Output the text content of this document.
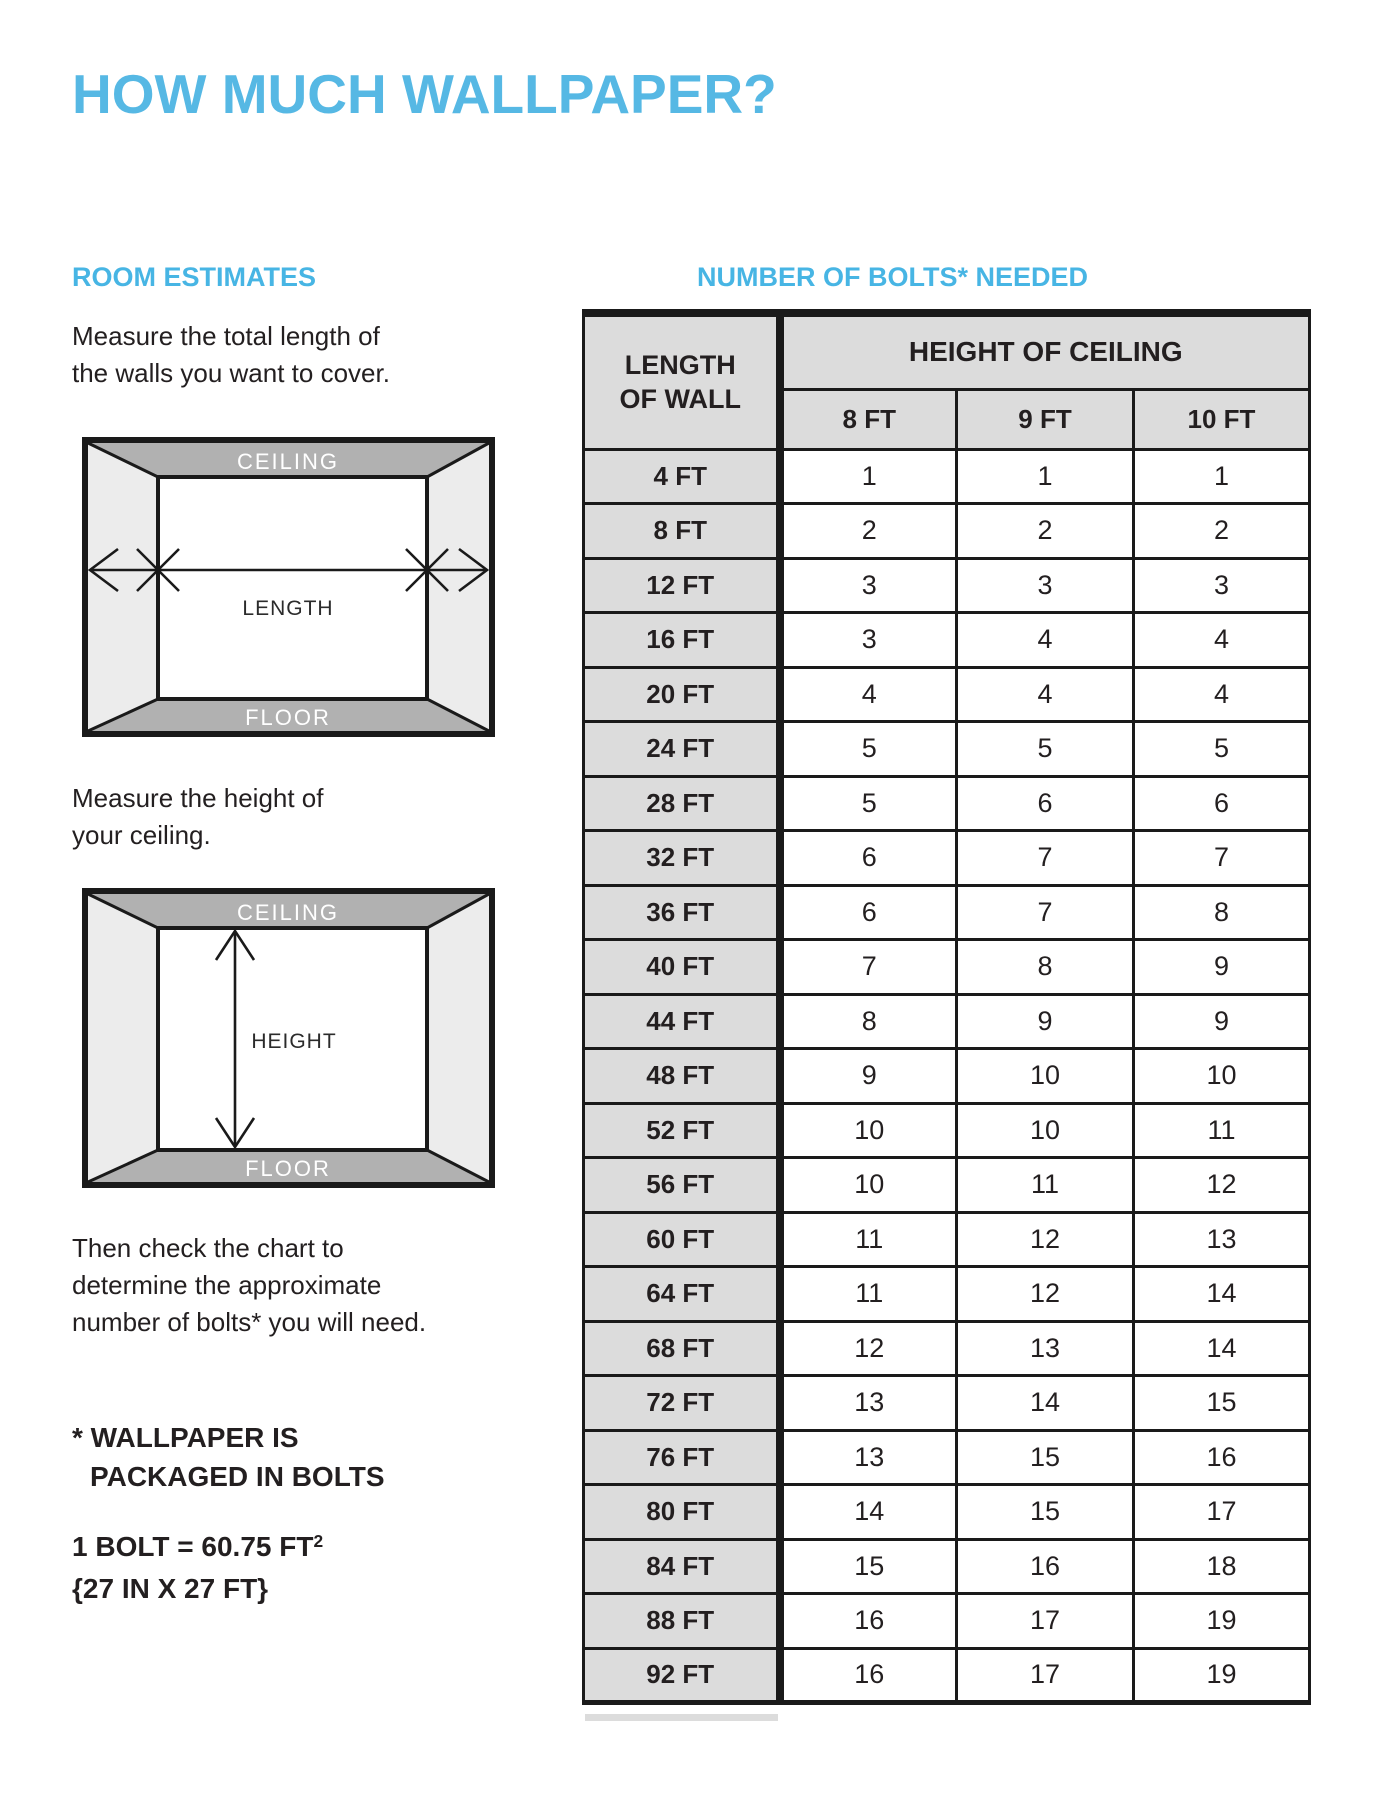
HOW MUCH WALLPAPER?
ROOM ESTIMATES	NUMBER OF BOLTS* NEEDED

Measure the total length of
the walls you want to cover.

CEILING
FLOOR
LENGTH

Measure the height of
your ceiling.

CEILING
FLOOR
HEIGHT

Then check the chart to
determine the approximate
number of bolts* you will need.

* WALLPAPER IS
PACKAGED IN BOLTS
1 BOLT = 60.75 $FT^2$
{27 IN X 27 FT}
LENGTH
OF WALL	HEIGHT OF CEILING		
	8 FT	9 FT	10 FT
4 FT	1	1	1
8 FT	2	2	2
12 FT	3	3	3
16 FT	3	4	4
20 FT	4	4	4
24 FT	5	5	5
28 FT	5	6	6
32 FT	6	7	7
36 FT	6	7	8
40 FT	7	8	9
44 FT	8	9	9
48 FT	9	10	10
52 FT	10	10	11
56 FT	10	11	12
60 FT	11	12	13
64 FT	11	12	14
68 FT	12	13	14
72 FT	13	14	15
76 FT	13	15	16
80 FT	14	15	17
84 FT	15	16	18
88 FT	16	17	19
92 FT	16	17	19
